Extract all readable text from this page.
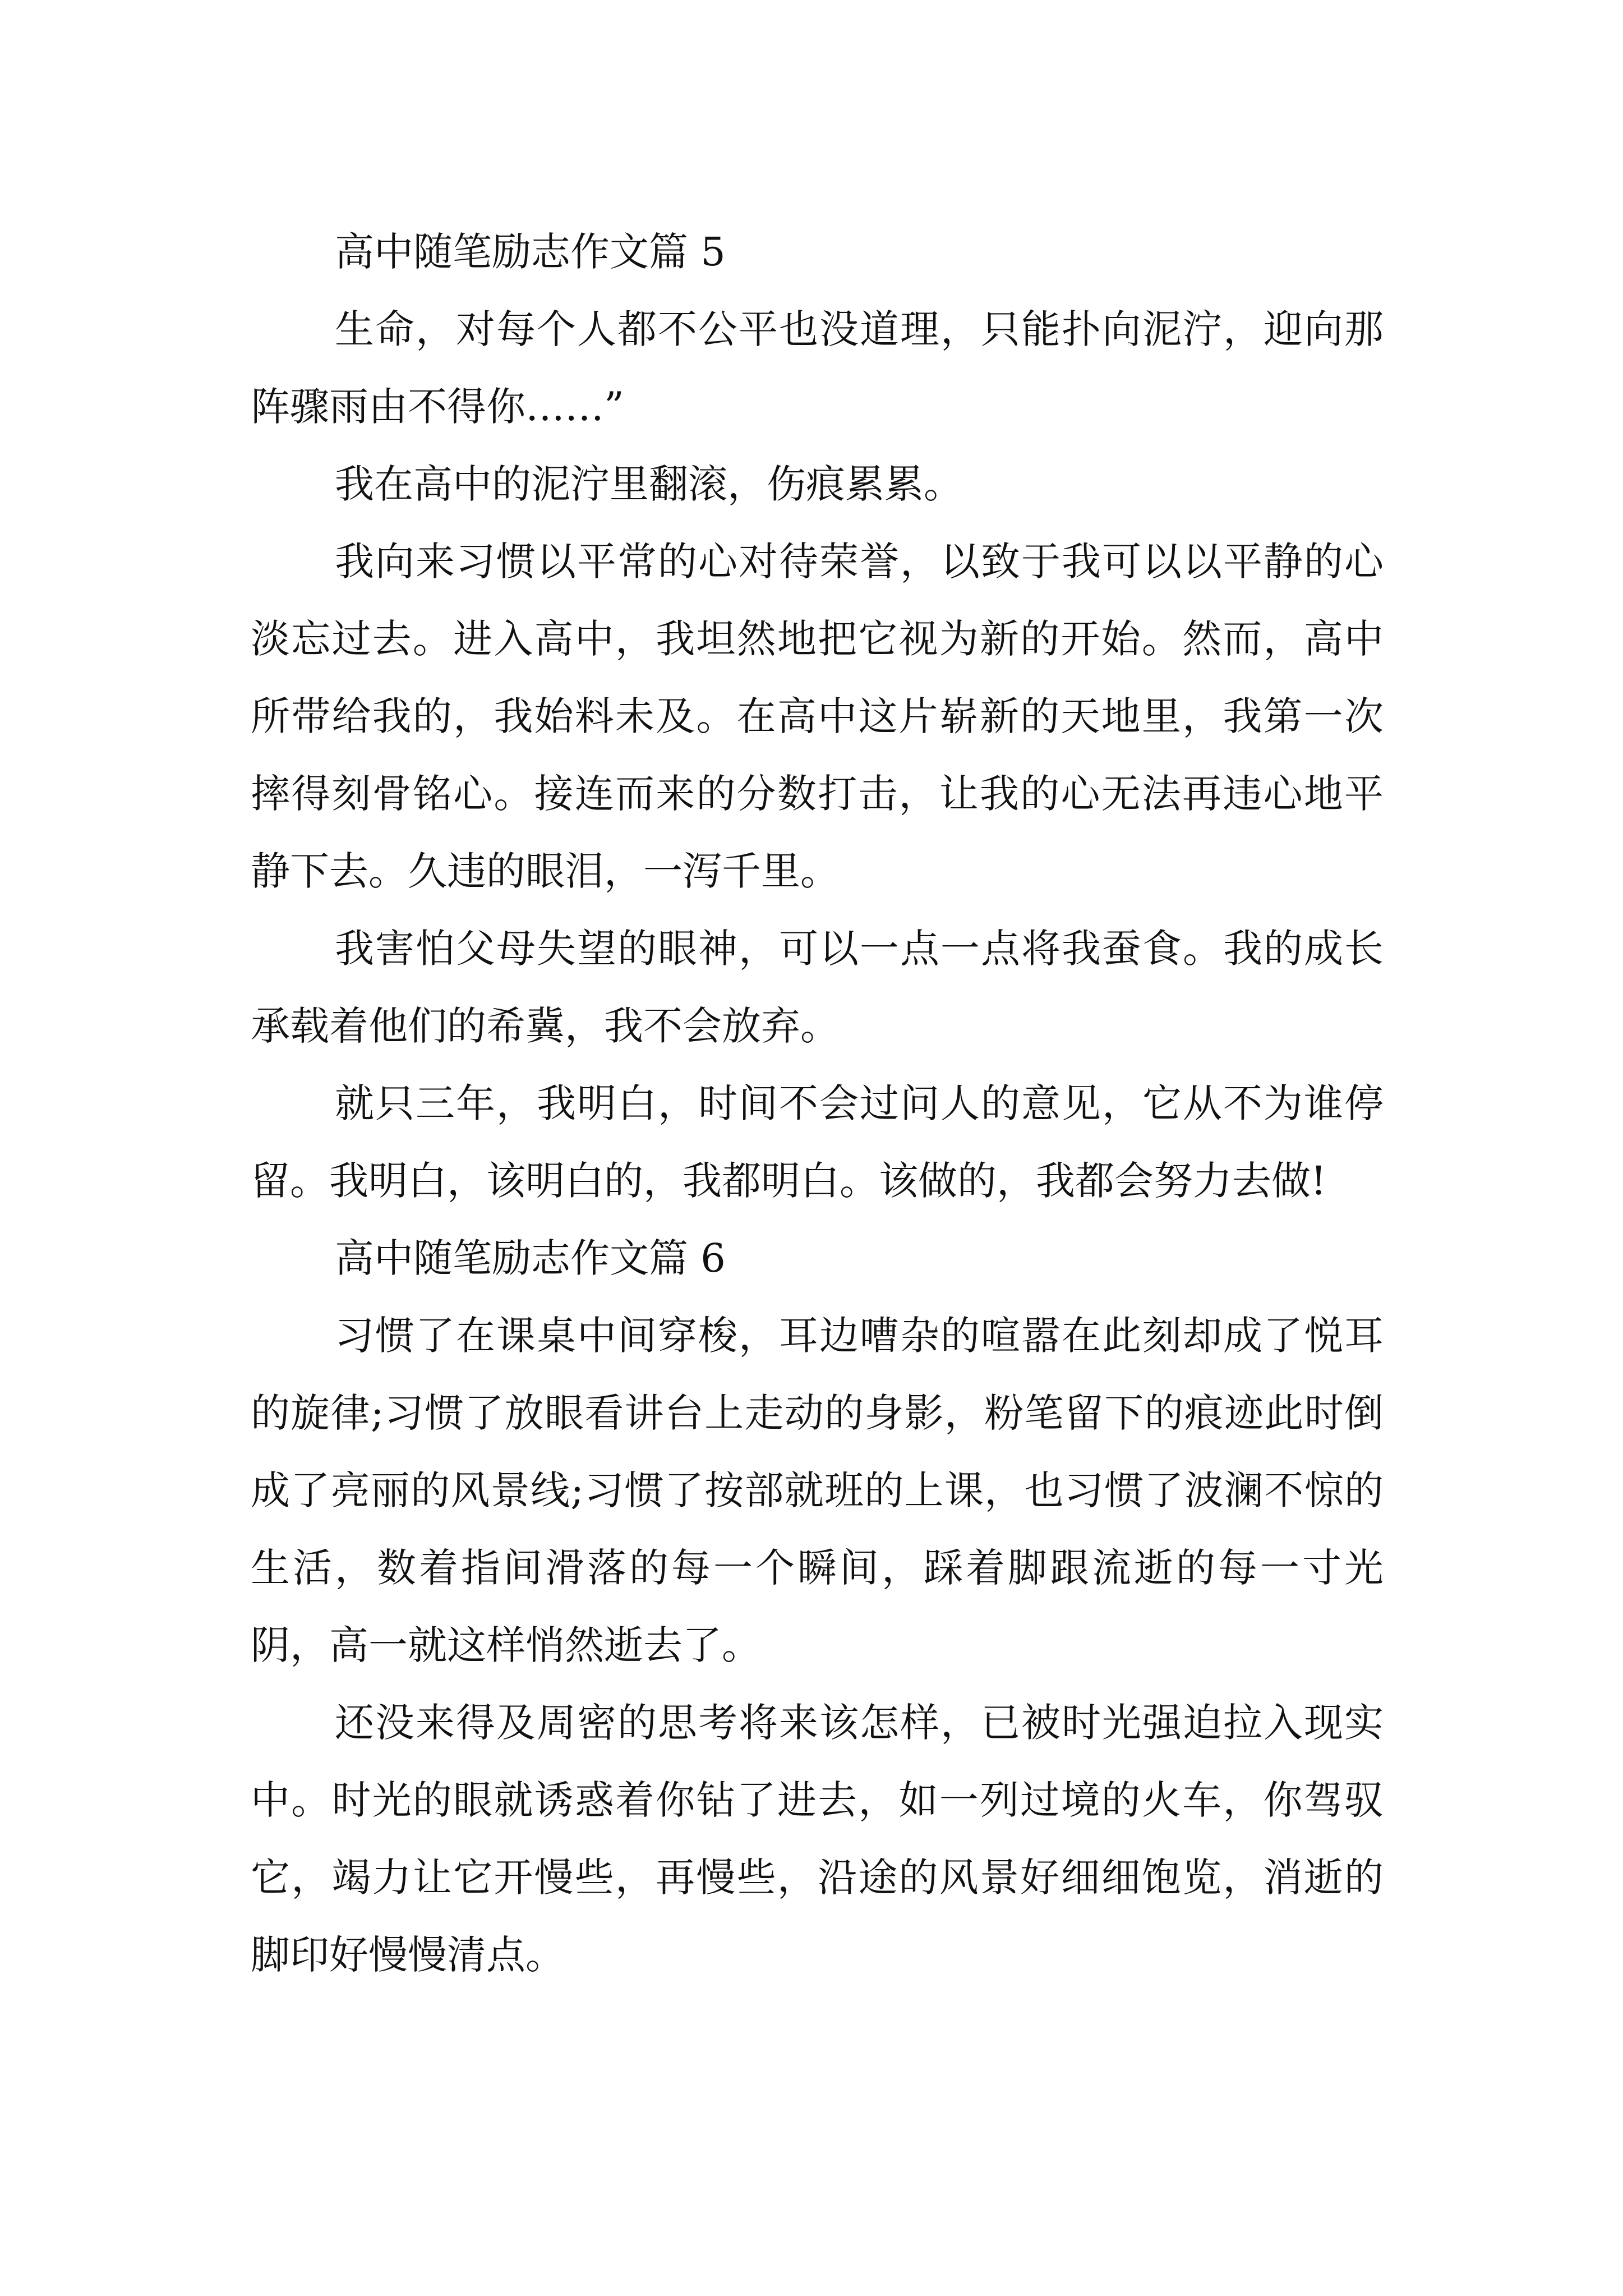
高中随笔励志作文篇 5

生命，对每个人都不公平也没道理，只能扑向泥泞，迎向那阵骤雨由不得你……”

我在高中的泥泞里翻滚，伤痕累累。

我向来习惯以平常的心对待荣誉，以致于我可以以平静的心淡忘过去。进入高中，我坦然地把它视为新的开始。然而，高中所带给我的，我始料未及。在高中这片崭新的天地里，我第一次摔得刻骨铭心。接连而来的分数打击，让我的心无法再违心地平静下去。久违的眼泪，一泻千里。

我害怕父母失望的眼神，可以一点一点将我蚕食。我的成长承载着他们的希冀，我不会放弃。

就只三年，我明白，时间不会过问人的意见，它从不为谁停留。我明白，该明白的，我都明白。该做的，我都会努力去做!

高中随笔励志作文篇 6

习惯了在课桌中间穿梭，耳边嘈杂的喧嚣在此刻却成了悦耳的旋律;习惯了放眼看讲台上走动的身影，粉笔留下的痕迹此时倒成了亮丽的风景线;习惯了按部就班的上课，也习惯了波澜不惊的生活，数着指间滑落的每一个瞬间，踩着脚跟流逝的每一寸光阴，高一就这样悄然逝去了。

还没来得及周密的思考将来该怎样，已被时光强迫拉入现实中。时光的眼就诱惑着你钻了进去，如一列过境的火车，你驾驭它，竭力让它开慢些，再慢些，沿途的风景好细细饱览，消逝的脚印好慢慢清点。
